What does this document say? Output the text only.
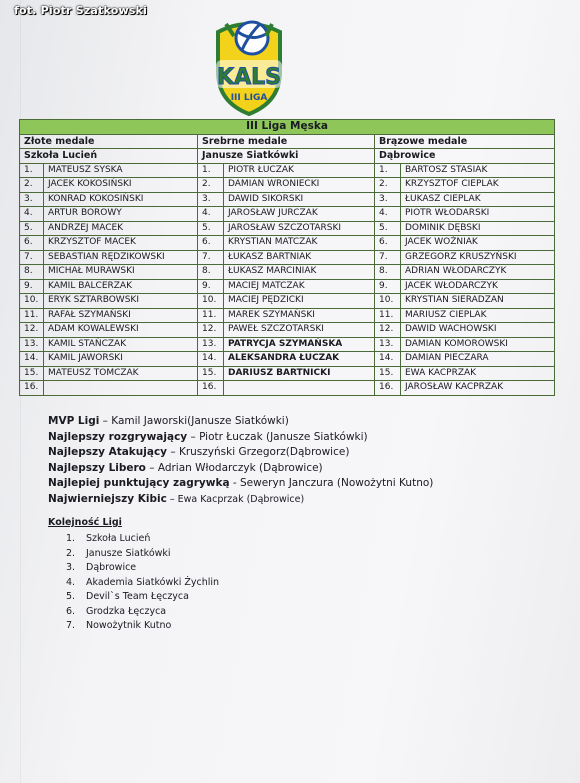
fot. Piotr Szatkowski
KALS
III LIGA
III Liga Męska					
Złote medale		Srebrne medale		Brązowe medale	
Szkoła Lucień		Janusze Siatkówki		Dąbrowice	
1.	MATEUSZ SYSKA	1.	PIOTR ŁUCZAK	1.	BARTOSZ STASIAK
2.	JACEK KOKOSIŃSKI	2.	DAMIAN WRONIECKI	2.	KRZYSZTOF CIEPLAK
3.	KONRAD KOKOSIŃSKI	3.	DAWID SIKORSKI	3.	ŁUKASZ CIEPLAK
4.	ARTUR BOROWY	4.	JAROSŁAW JURCZAK	4.	PIOTR WŁODARSKI
5.	ANDRZEJ MACEK	5.	JAROSŁAW SZCZOTARSKI	5.	DOMINIK DĘBSKI
6.	KRZYSZTOF MACEK	6.	KRYSTIAN MATCZAK	6.	JACEK WOŹNIAK
7.	SEBASTIAN RĘDZIKOWSKI	7.	ŁUKASZ BARTNIAK	7.	GRZEGORZ KRUSZYŃSKI
8.	MICHAŁ MURAWSKI	8.	ŁUKASZ MARCINIAK	8.	ADRIAN WŁODARCZYK
9.	KAMIL BALCERZAK	9.	MACIEJ MATCZAK	9.	JACEK WŁODARCZYK
10.	ERYK SZTARBOWSKI	10.	MACIEJ PĘDZICKI	10.	KRYSTIAN SIERADZAN
11.	RAFAŁ SZYMAŃSKI	11.	MAREK SZYMAŃSKI	11.	MARIUSZ CIEPLAK
12.	ADAM KOWALEWSKI	12.	PAWEŁ SZCZOTARSKI	12.	DAWID WACHOWSKI
13.	KAMIL STAŃCZAK	13.	PATRYCJA SZYMAŃSKA	13.	DAMIAN KOMOROWSKI
14.	KAMIL JAWORSKI	14.	ALEKSANDRA ŁUCZAK	14.	DAMIAN PIECZARA
15.	MATEUSZ TOMCZAK	15.	DARIUSZ BARTNICKI	15.	EWA KACPRZAK
16.		16.		16.	JAROSŁAW KACPRZAK
MVP Ligi – Kamil Jaworski(Janusze Siatkówki)
Najlepszy rozgrywający – Piotr Łuczak (Janusze Siatkówki)
Najlepszy Atakujący – Kruszyński Grzegorz(Dąbrowice)
Najlepszy Libero – Adrian Włodarczyk (Dąbrowice)
Najlepiej punktujący zagrywką - Seweryn Janczura (Nowożytni Kutno)
Najwierniejszy Kibic – Ewa Kacprzak (Dąbrowice)
Kolejność Ligi
1.	Szkoła Lucień
2.	Janusze Siatkówki
3.	Dąbrowice
4.	Akademia Siatkówki Żychlin
5.	Devil`s Team Łęczyca
6.	Grodzka Łęczyca
7.	Nowożytnik Kutno
